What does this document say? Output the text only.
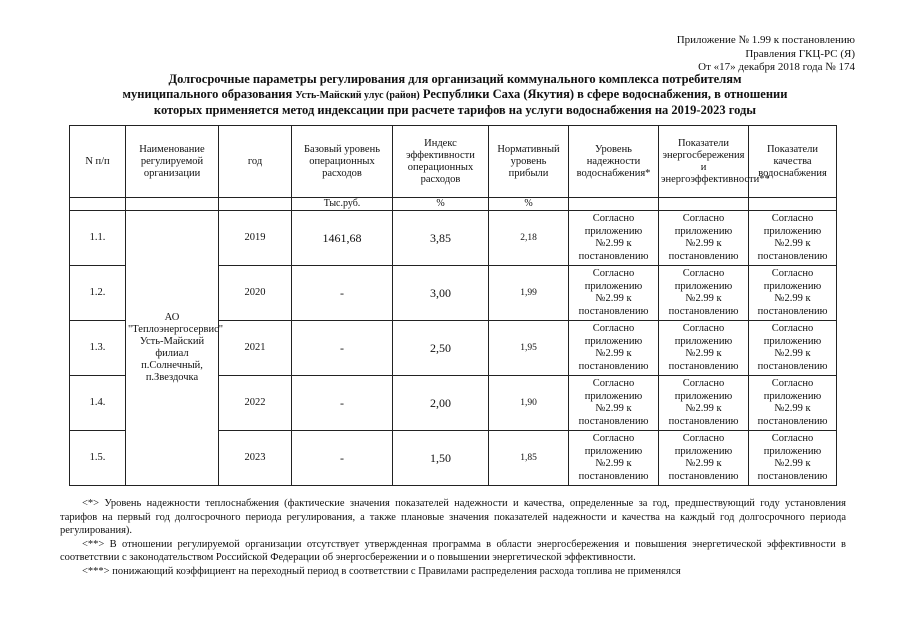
Приложение № 1.99 к постановлению
Правления ГКЦ-РС (Я)
От «17» декабря 2018 года № 174
Долгосрочные параметры регулирования для организаций коммунального комплекса потребителям
муниципального образования Усть-Майский улус (район) Республики Саха (Якутия) в сфере водоснабжения, в отношении
которых применяется метод индексации при расчете тарифов на услуги водоснабжения на 2019-2023 годы
N п/п	Наименование регулируемой организации	год	Базовый уровень операционных расходов	Индекс эффективности операционных расходов	Нормативный уровень прибыли	Уровень надежности водоснабжения*	Показатели энергосбережения и энергоэффективности**	Показатели качества водоснабжения
			Тыс.руб.	%	%			
1.1.	АО "Теплоэнергосервис" Усть-Майский филиал п.Солнечный, п.Звездочка	2019	1461,68	3,85	2,18	Согласно приложению №2.99 к постановлению	Согласно приложению №2.99 к постановлению	Согласно приложению №2.99 к постановлению
1.2.		2020	-	3,00	1,99	Согласно приложению №2.99 к постановлению	Согласно приложению №2.99 к постановлению	Согласно приложению №2.99 к постановлению
1.3.		2021	-	2,50	1,95	Согласно приложению №2.99 к постановлению	Согласно приложению №2.99 к постановлению	Согласно приложению №2.99 к постановлению
1.4.		2022	-	2,00	1,90	Согласно приложению №2.99 к постановлению	Согласно приложению №2.99 к постановлению	Согласно приложению №2.99 к постановлению
1.5.		2023	-	1,50	1,85	Согласно приложению №2.99 к постановлению	Согласно приложению №2.99 к постановлению	Согласно приложению №2.99 к постановлению

<*> Уровень надежности теплоснабжения (фактические значения показателей надежности и качества, определенные за год, предшествующий году установления тарифов на первый год долгосрочного периода регулирования, а также плановые значения показателей надежности и качества на каждый год долгосрочного периода регулирования).

<**> В отношении регулируемой организации отсутствует утвержденная программа в области энергосбережения и повышения энергетической эффективности в соответствии с законодательством Российской Федерации об энергосбережении и о повышении энергетической эффективности.

<***> понижающий коэффициент на переходный период в соответствии с Правилами распределения расхода топлива не применялся
